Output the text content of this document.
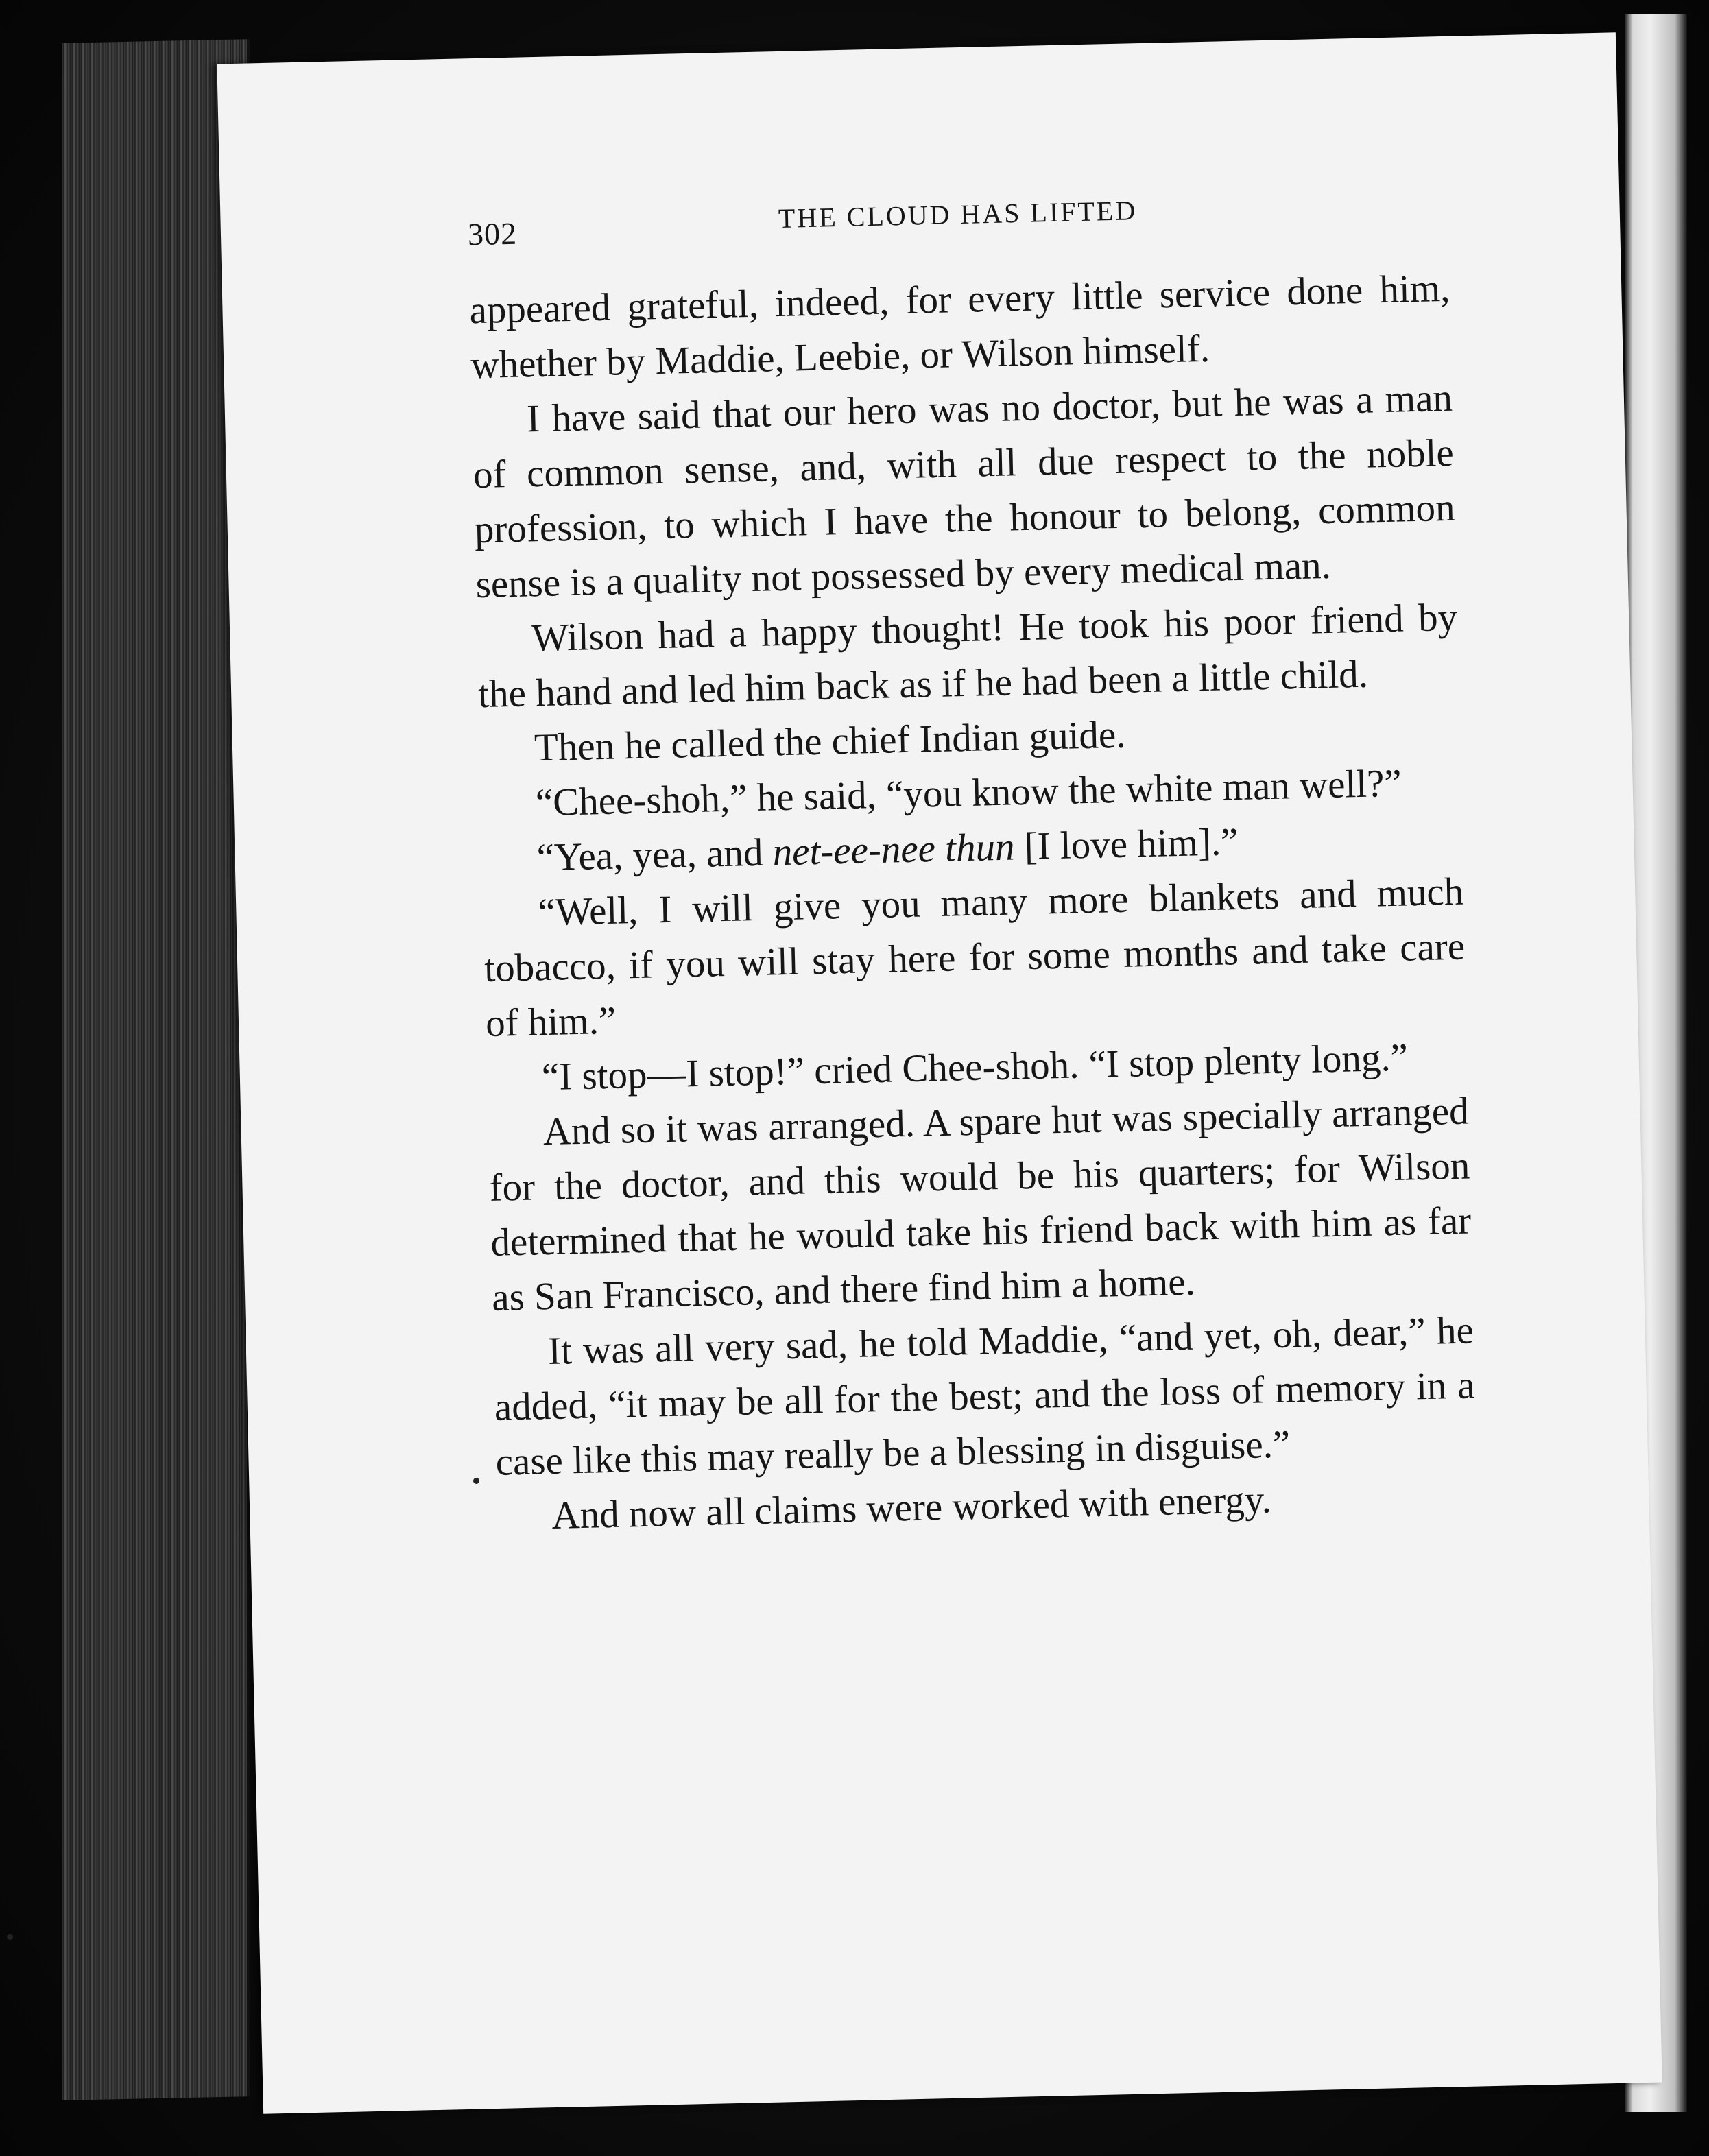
302	THE CLOUD HAS LIFTED

appeared grateful, indeed, for every little service done him, whether by Maddie, Leebie, or Wilson himself.

I have said that our hero was no doctor, but he was a man of common sense, and, with all due respect to the noble profession, to which I have the honour to belong, common sense is a quality not possessed by every medical man.

Wilson had a happy thought! He took his poor friend by the hand and led him back as if he had been a little child.

Then he called the chief Indian guide.

“Chee-shoh,” he said, “you know the white man well?”

“Yea, yea, and net-ee-nee thun [I love him].”

“Well, I will give you many more blankets and much tobacco, if you will stay here for some months and take care of him.”

“I stop—I stop!” cried Chee-shoh. “I stop plenty long.”

And so it was arranged. A spare hut was specially arranged for the doctor, and this would be his quarters; for Wilson determined that he would take his friend back with him as far as San Francisco, and there find him a home.

It was all very sad, he told Maddie, “and yet, oh, dear,” he added, “it may be all for the best; and the loss of memory in a case like this may really be a blessing in disguise.”

And now all claims were worked with energy.
